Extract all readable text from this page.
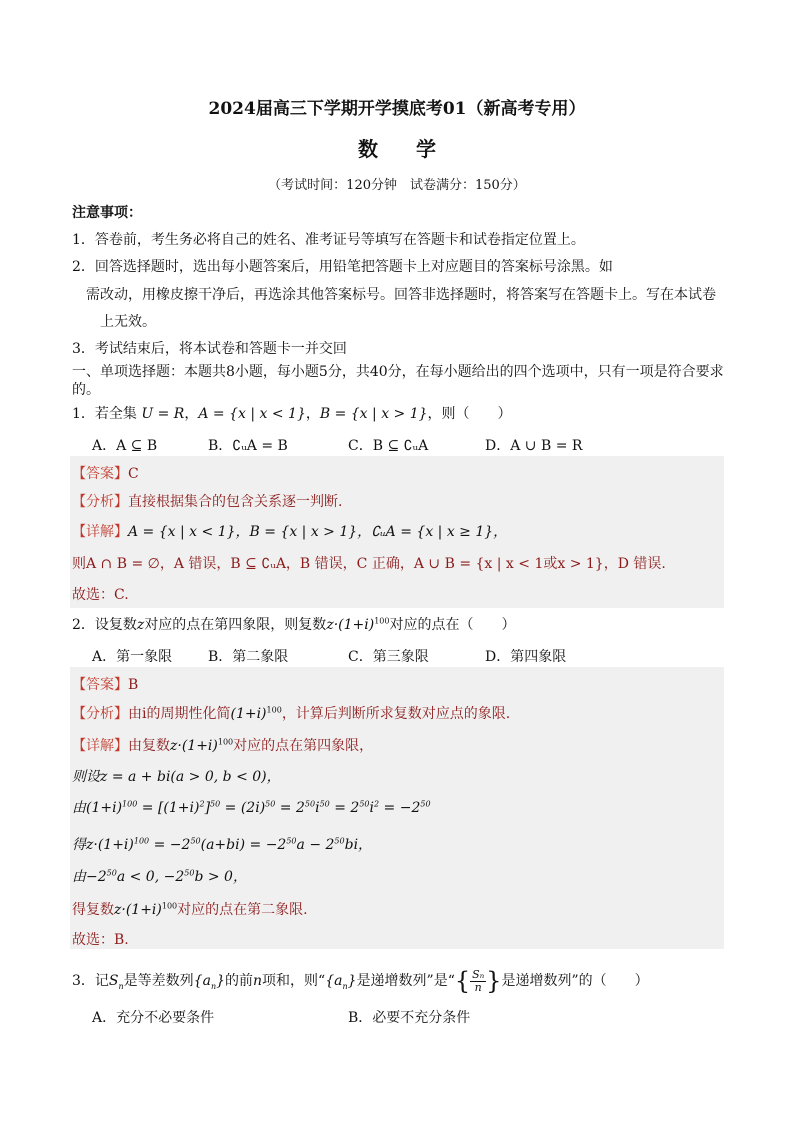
2024届高三下学期开学摸底考01（新高考专用）
数学
（考试时间：120分钟　试卷满分：150分）
注意事项：
1．答卷前，考生务必将自己的姓名、准考证号等填写在答题卡和试卷指定位置上。
2．回答选择题时，选出每小题答案后，用铅笔把答题卡上对应题目的答案标号涂黑。如
需改动，用橡皮擦干净后，再选涂其他答案标号。回答非选择题时，将答案写在答题卡上。写在本试卷
上无效。
3．考试结束后，将本试卷和答题卡一并交回
一、单项选择题：本题共8小题，每小题5分，共40分，在每小题给出的四个选项中，只有一项是符合要求的。
1．若全集 U = R，A = {x | x < 1}，B = {x | x > 1}，则（　　）
A．A ⊆ B	B．∁ᵤA = B	C．B ⊆ ∁ᵤA	D．A ∪ B = R
【答案】C
【分析】直接根据集合的包含关系逐一判断.
【详解】A = {x | x < 1}，B = {x | x > 1}，∁ᵤA = {x | x ≥ 1}，
则A ∩ B = ∅，A 错误，B ⊆ ∁ᵤA，B 错误，C 正确，A ∪ B = {x | x < 1或x > 1}，D 错误.
故选：C.
2．设复数z对应的点在第四象限，则复数$z\cdot(1+i)^{100}$对应的点在（　　）
A．第一象限	B．第二象限	C．第三象限	D．第四象限
【答案】B
【分析】由i的周期性化简$(1+i)^{100}$，计算后判断所求复数对应点的象限.
【详解】由复数$z\cdot(1+i)^{100}$对应的点在第四象限，
则设z = a + bi(a > 0, b < 0)，
由$(1+i)^{100} = [(1+i)^2]^{50} = (2i)^{50} = 2^{50}i^{50} = 2^{50}i^2 = -2^{50}$
得$z\cdot(1+i)^{100} = -2^{50}(a+bi) = -2^{50}a - 2^{50}bi$，
由$-2^{50}a < 0$, $-2^{50}b > 0$，
得复数$z\cdot(1+i)^{100}$对应的点在第二象限.
故选：B.
3．记$S_n$是等差数列$\{a_n\}$的前n项和，则“$\{a_n\}$是递增数列”是“{ $\frac{\text{Sₙ}}{n}$ }是递增数列”的（　　）
A．充分不必要条件	B．必要不充分条件
